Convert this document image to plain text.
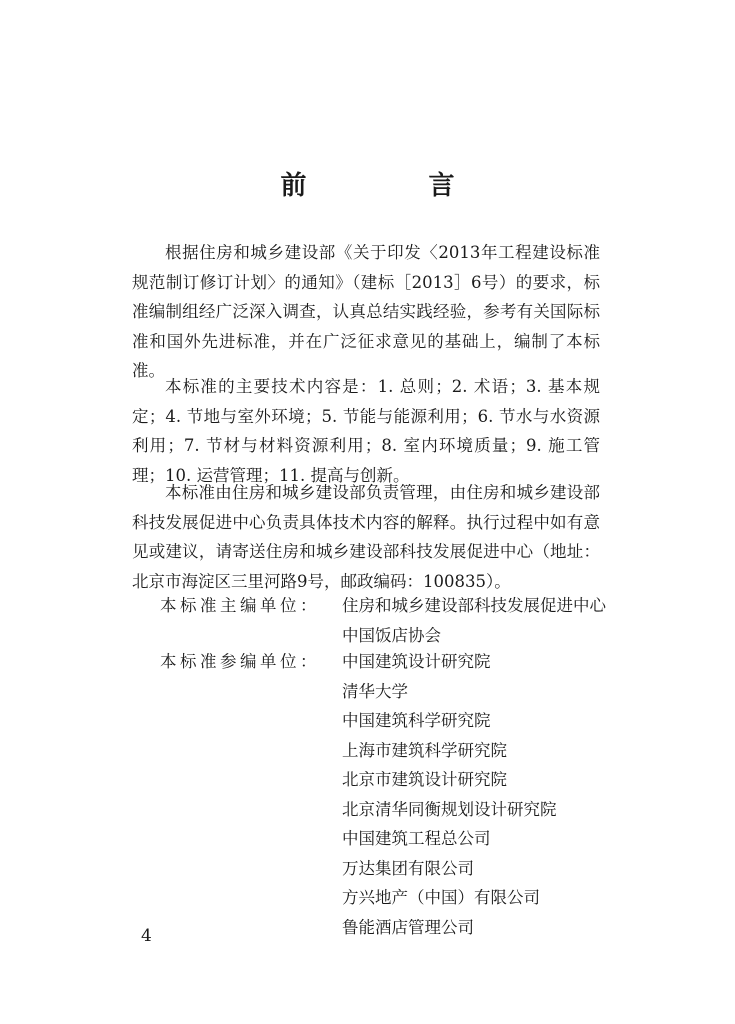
前　言

根据住房和城乡建设部《关于印发〈2013年工程建设标准规范制订修订计划〉的通知》（建标［2013］6号）的要求，标准编制组经广泛深入调查，认真总结实践经验，参考有关国际标准和国外先进标准，并在广泛征求意见的基础上，编制了本标准。

本标准的主要技术内容是：1. 总则；2. 术语；3. 基本规定；4. 节地与室外环境；5. 节能与能源利用；6. 节水与水资源利用；7. 节材与材料资源利用；8. 室内环境质量；9. 施工管理；10. 运营管理；11. 提高与创新。

本标准由住房和城乡建设部负责管理，由住房和城乡建设部科技发展促进中心负责具体技术内容的解释。执行过程中如有意见或建议，请寄送住房和城乡建设部科技发展促进中心（地址：北京市海淀区三里河路9号，邮政编码：100835）。

本标准主编单位：	住房和城乡建设部科技发展促进中心
中国饭店协会
本标准参编单位：	中国建筑设计研究院
清华大学
中国建筑科学研究院
上海市建筑科学研究院
北京市建筑设计研究院
北京清华同衡规划设计研究院
中国建筑工程总公司
万达集团有限公司
方兴地产（中国）有限公司
鲁能酒店管理公司
4
